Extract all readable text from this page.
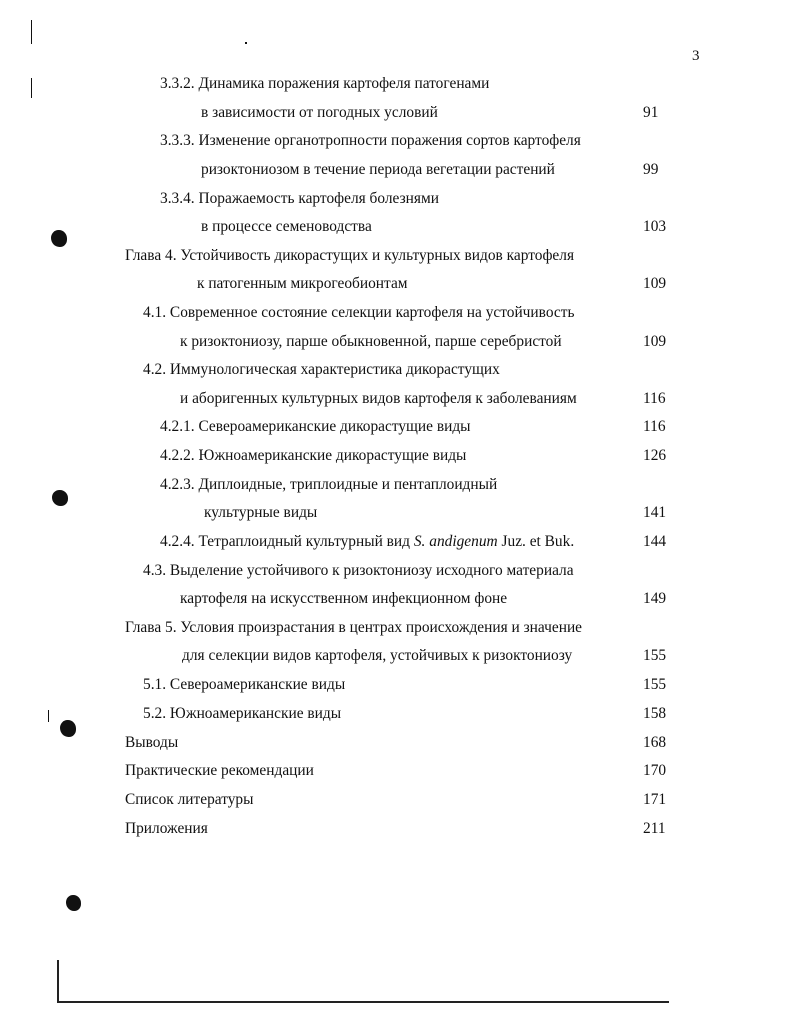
3
3.3.2. Динамика поражения картофеля патогенами
в зависимости от погодных условий	91
3.3.3. Изменение органотропности поражения сортов картофеля
ризоктониозом в течение периода вегетации растений	99
3.3.4. Поражаемость картофеля болезнями
в процессе семеноводства	103
Глава 4. Устойчивость дикорастущих и культурных видов картофеля
к патогенным микрогеобионтам	109
4.1. Современное состояние селекции картофеля на устойчивость
к ризоктониозу, парше обыкновенной, парше серебристой	109
4.2. Иммунологическая характеристика дикорастущих
и аборигенных культурных видов картофеля к заболеваниям	116
4.2.1. Североамериканские дикорастущие виды	116
4.2.2. Южноамериканские дикорастущие виды	126
4.2.3. Диплоидные, триплоидные и пентаплоидный
культурные виды	141
4.2.4. Тетраплоидный культурный вид S. andigenum Juz. et Buk.	144
4.3. Выделение устойчивого к ризоктониозу исходного материала
картофеля на искусственном инфекционном фоне	149
Глава 5. Условия произрастания в центрах происхождения и значение
для селекции видов картофеля, устойчивых к ризоктониозу	155
5.1. Североамериканские виды	155
5.2. Южноамериканские виды	158
Выводы	168
Практические рекомендации	170
Список литературы	171
Приложения	211
